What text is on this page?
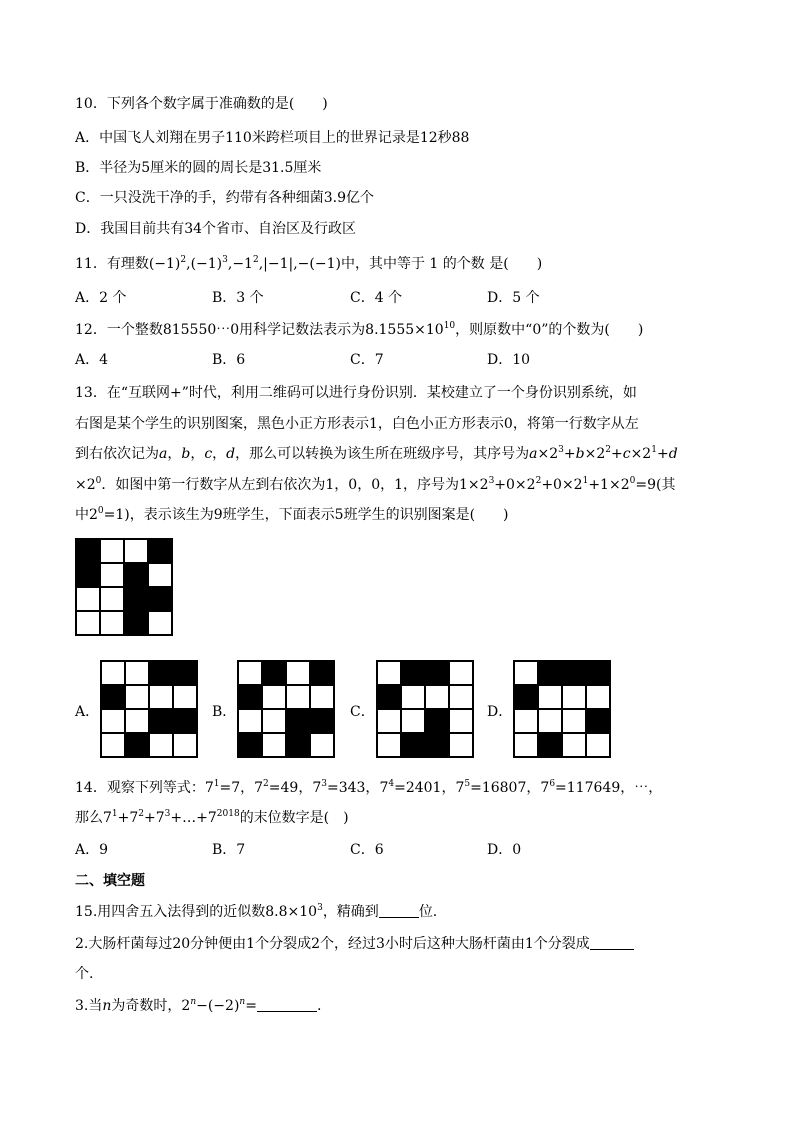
10．下列各个数字属于准确数的是(　　)
A．中国飞人刘翔在男子110米跨栏项目上的世界记录是12秒88
B．半径为5厘米的圆的周长是31.5厘米
C．一只没洗干净的手，约带有各种细菌3.9亿个
D．我国目前共有34个省市、自治区及行政区
11．有理数$(-1)^2,(-1)^3,-1^2,|-1|,-(-1)$中，其中等于 1 的个数 是(　　)
A．2 个	B．3 个	C．4 个	D．5 个
12．一个整数815550⋯0用科学记数法表示为$8.1555\times 10^{10}$，则原数中“0”的个数为(　　)
A．4	B．6	C．7	D．10
13．在“互联网+”时代，利用二维码可以进行身份识别．某校建立了一个身份识别系统，如
右图是某个学生的识别图案，黑色小正方形表示1，白色小正方形表示0，将第一行数字从左
到右依次记为a，b，c，d，那么可以转换为该生所在班级序号，其序号为$a\times 2^3+b\times 2^2+c\times 2^1+d$
$\times 2^0$．如图中第一行数字从左到右依次为1，0，0，1，序号为$1\times 2^3+0\times 2^2+0\times 2^1+1\times 2^0=9$(其
中$2^0=1$)，表示该生为9班学生，下面表示5班学生的识别图案是(　　)

A．

				B．

				C．

				D．

14．观察下列等式：$7^1=7$，$7^2=49$，$7^3=343$，$7^4=2401$，$7^5=16807$，$7^6=117649$，⋯，
那么$7^1+7^2+7^3+\dots+7^{2018}$的末位数字是(　)
A．9	B．7	C．6	D．0
二、填空题
15.用四舍五入法得到的近似数$8.8\times 10^3$，精确到	位.
2.大肠杆菌每过20分钟便由1个分裂成2个，经过3小时后这种大肠杆菌由1个分裂成
个.
3.当n为奇数时，$2^n-(-2)^n=$	.
